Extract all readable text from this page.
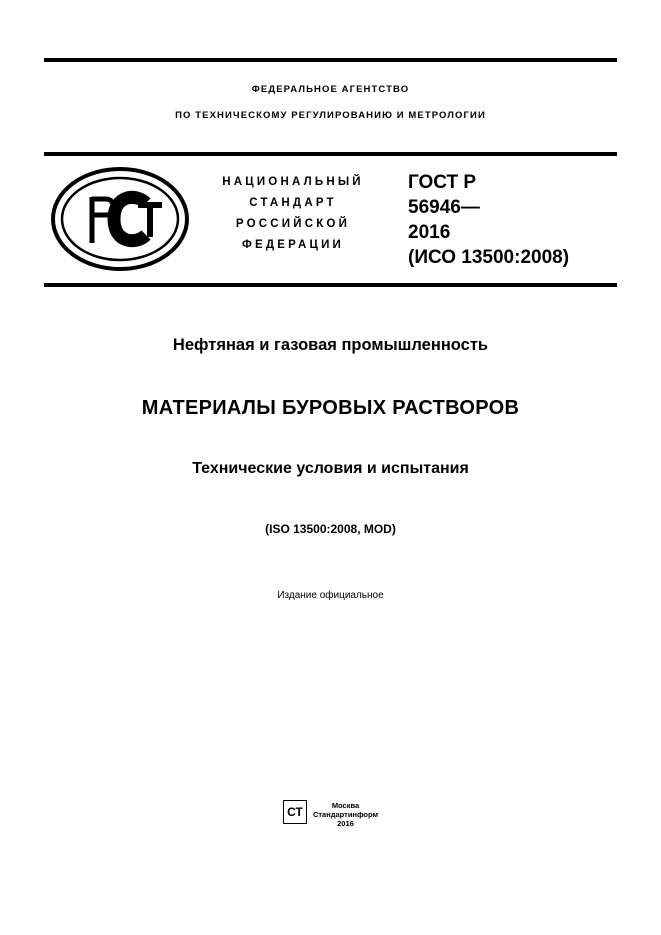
ФЕДЕРАЛЬНОЕ АГЕНТСТВО
ПО ТЕХНИЧЕСКОМУ РЕГУЛИРОВАНИЮ И МЕТРОЛОГИИ
НАЦИОНАЛЬНЫЙ
СТАНДАРТ
РОССИЙСКОЙ
ФЕДЕРАЦИИ
ГОСТ Р
56946—
2016
(ИСО 13500:2008)
Нефтяная и газовая промышленность
МАТЕРИАЛЫ БУРОВЫХ РАСТВОРОВ
Технические условия и испытания
(ISO 13500:2008, MOD)
Издание официальное
СТ	Москва
Стандартинформ
2016
